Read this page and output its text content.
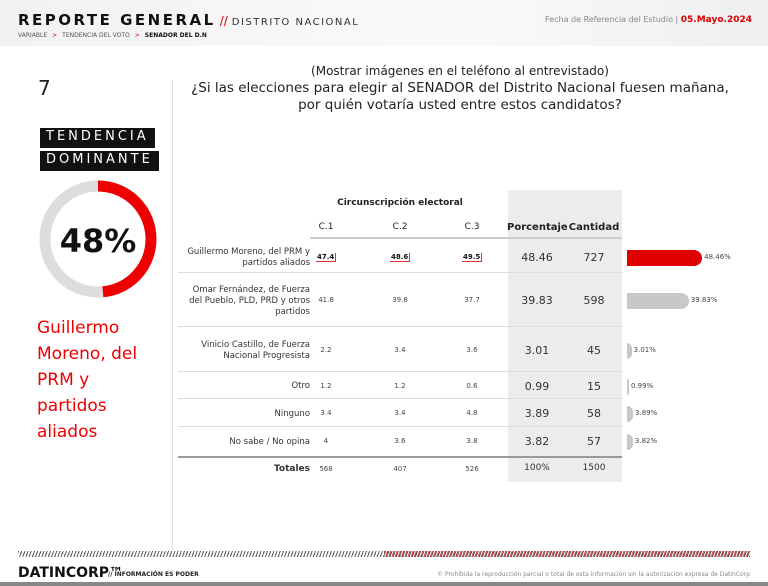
REPORTE GENERAL // DISTRITO NACIONAL
VARIABLE > TENDENCIA DEL VOTO > SENADOR DEL D.N
Fecha de Referencia del Estudio | 05.Mayo.2024
7
TENDENCIA
DOMINANTE
48%
Guillermo Moreno, del PRM y partidos aliados
(Mostrar imágenes en el teléfono al entrevistado)
¿Si las elecciones para elegir al SENADOR del Distrito Nacional fuesen mañana, por quién votaría usted entre estos candidatos?
Circunscripción electoral
C.1	C.2	C.3	Porcentaje Cantidad
Guillermo Moreno, del PRM y partidos aliados
47.4	48.6	49.5	48.46	727	48.46%
Omar Fernández, de Fuerza del Pueblo, PLD, PRD y otros partidos
41.8	39.8	37.7	39.83	598	39.83%
Vinicio Castillo, de Fuerza Nacional Progresista
2.2	3.4	3.6	3.01	45	3.01%
Otro	1.2	1.2	0.6	0.99	15	0.99%
Ninguno	3.4	3.4	4.8	3.89	58	3.89%
No sabe / No opina	4	3.6	3.8	3.82	57	3.82%
Totales	568	407	526	100%	1500
DATINCORP™
// INFORMACIÓN ES PODER	© Prohibida la reproducción parcial o total de esta información sin la autorización expresa de DatinCorp
